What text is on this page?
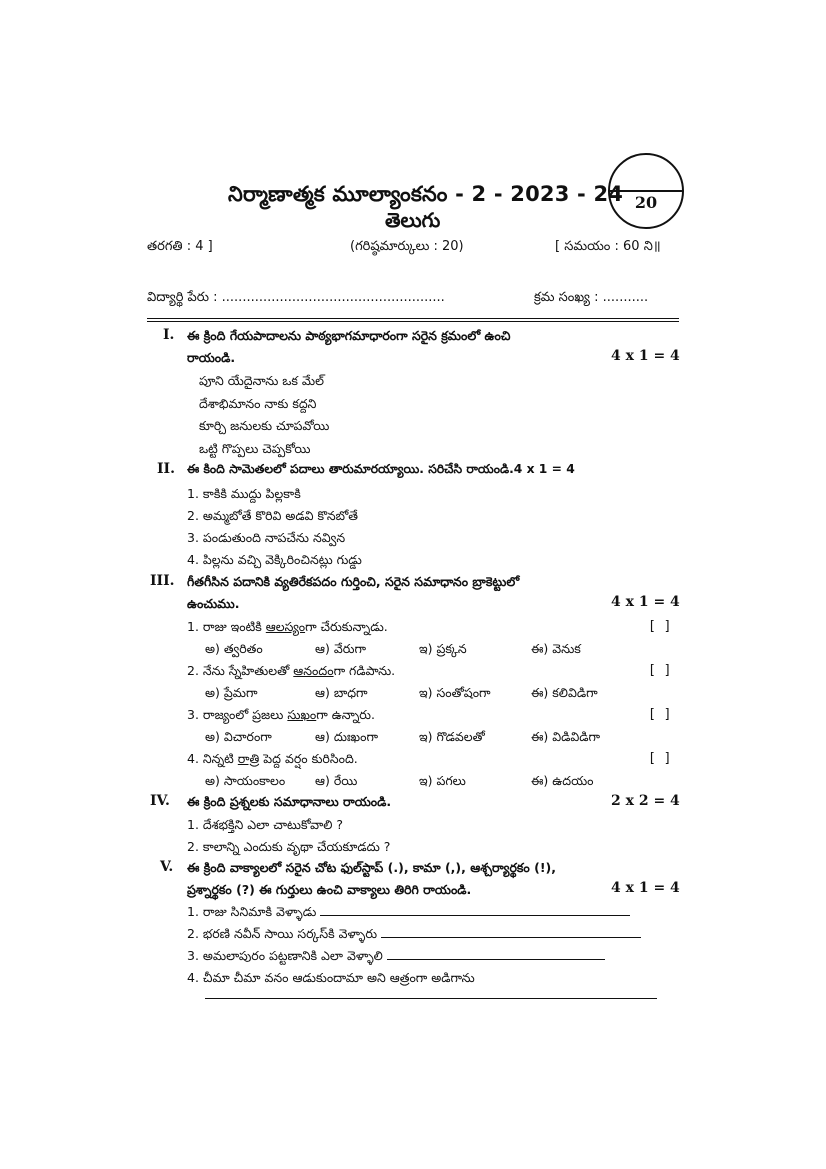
నిర్మాణాత్మక మూల్యాంకనం - 2 - 2023 - 24 20
తెలుగు
తరగతి : 4 ]	(గరిష్ఠమార్కులు : 20)	[ సమయం : 60 ని॥
విద్యార్థి పేరు : ......................................................	క్రమ సంఖ్య : ...........
I. ఈ క్రింది గేయపాదాలను పాఠ్యభాగమాధారంగా సరైన క్రమంలో ఉంచి
రాయండి.	4 x 1 = 4
పూని యేదైనాను ఒక మేల్
దేశాభిమానం నాకు కద్దని
కూర్చి జనులకు చూపవోయి
ఒట్టి గొప్పలు చెప్పకోయి
II. ఈ కింది సామెతలలో పదాలు తారుమారయ్యాయి. సరిచేసి రాయండి.4 x 1 = 4
1. కాకికి ముద్దు పిల్లకాకి
2. అమ్మబోతే కొరివి అడవి కొనబోతే
3. పండుతుంది నాపచేను నవ్విన
4. పిల్లను వచ్చి వెక్కిరించినట్లు గుడ్డు
III. గీతగీసిన పదానికి వ్యతిరేకపదం గుర్తించి, సరైన సమాధానం బ్రాకెట్టులో
ఉంచుము.	4 x 1 = 4
1. రాజు ఇంటికి ఆలస్యంగా చేరుకున్నాడు.	[ ]
అ) త్వరితం	ఆ) వేరుగా	ఇ) ప్రక్కన	ఈ) వెనుక
2. నేను స్నేహితులతో ఆనందంగా గడిపాను.	[ ]
అ) ప్రేమగా	ఆ) బాధగా	ఇ) సంతోషంగా	ఈ) కలివిడిగా
3. రాజ్యంలో ప్రజలు సుఖంగా ఉన్నారు.	[ ]
అ) విచారంగా	ఆ) దుఃఖంగా	ఇ) గొడవలతో	ఈ) విడివిడిగా
4. నిన్నటి రాత్రి పెద్ద వర్షం కురిసింది.	[ ]
అ) సాయంకాలం ఆ) రేయి	ఇ) పగలు	ఈ) ఉదయం
IV. ఈ క్రింది ప్రశ్నలకు సమాధానాలు రాయండి.	2 x 2 = 4
1. దేశభక్తిని ఎలా చాటుకోవాలి ?
2. కాలాన్ని ఎందుకు వృథా చేయకూడదు ?
V. ఈ క్రింది వాక్యాలలో సరైన చోట ఫుల్‌స్టాప్ (.), కామా (,), ఆశ్చర్యార్థకం (!),
ప్రశ్నార్థకం (?) ఈ గుర్తులు ఉంచి వాక్యాలు తిరిగి రాయండి.	4 x 1 = 4
1. రాజు సినిమాకి వెళ్ళాడు
2. భరణి నవీన్ సాయి సర్కస్‌కి వెళ్ళారు
3. అమలాపురం పట్టణానికి ఎలా వెళ్ళాలి
4. చీమా చీమా వనం ఆడుకుందామా అని ఆత్రంగా అడిగాను
